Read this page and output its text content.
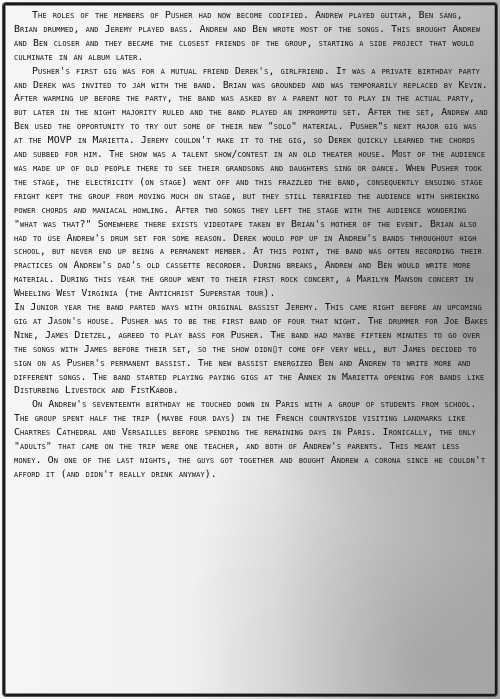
The roles of the members of Pusher had now become codified. Andrew played guitar, Ben sang, Brian drummed, and Jeremy played bass. Andrew and Ben wrote most of the songs. This brought Andrew and Ben closer and they became the closest friends of the group, starting a side project that would culminate in an album later.

Pusher's first gig was for a mutual friend Derek's, girlfriend. It was a private birthday party and Derek was invited to jam with the band. Brian was grounded and was temporarily replaced by Kevin. After warming up before the party, the band was asked by a parent not to play in the actual party, but later in the night majority ruled and the band played an impromptu set. After the set, Andrew and Ben used the opportunity to try out some of their new "solo" material. Pusher"s next major gig was at the MOVP in Marietta. Jeremy couldn't make it to the gig, so Derek quickly learned the chords and subbed for him. The show was a talent show/contest in an old theater house. Most of the audience was made up of old people there to see their grandsons and daughters sing or dance. When Pusher took the stage, the electricity (on stage) went off and this frazzled the band, consequently ensuing stage fright kept the group from moving much on stage, but they still terrified the audience with shrieking power chords and maniacal howling. After two songs they left the stage with the audience wondering "what was that?" Somewhere there exists videotape taken by Brian's mother of the event. Brian also had to use Andrew's drum set for some reason. Derek would pop up in Andrew's bands throughout high school, but never end up being a permanent member. At this point, the band was often recording their practices on Andrew's dad's old cassette recorder. During breaks, Andrew and Ben would write more material. During this year the group went to their first rock concert, a Marilyn Manson concert in Wheeling West Virginia (the Antichrist Superstar tour).

In Junior year the band parted ways with original bassist Jeremy. This came right before an upcoming gig at Jason's house. Pusher was to be the first band of four that night. The drummer for Joe Bakes Nine, James Dietzel, agreed to play bass for Pusher. The band had maybe fifteen minutes to go over the songs with James before their set, so the show didn▯t come off very well, but James decided to sign on as Pusher's permanent bassist. The new bassist energized Ben and Andrew to write more and different songs. The band started playing paying gigs at the Annex in Marietta opening for bands like Disturbing Livestock and FistKabob.

On Andrew's seventeenth birthday he touched down in Paris with a group of students from school. The group spent half the trip (maybe four days) in the French countryside visiting landmarks like Chartres Cathedral and Versailles before spending the remaining days in Paris. Ironically, the only "adults" that came on the trip were one teacher, and both of Andrew's parents. This meant less money. On one of the last nights, the guys got together and bought Andrew a corona since he couldn't afford it (and didn't really drink anyway).
